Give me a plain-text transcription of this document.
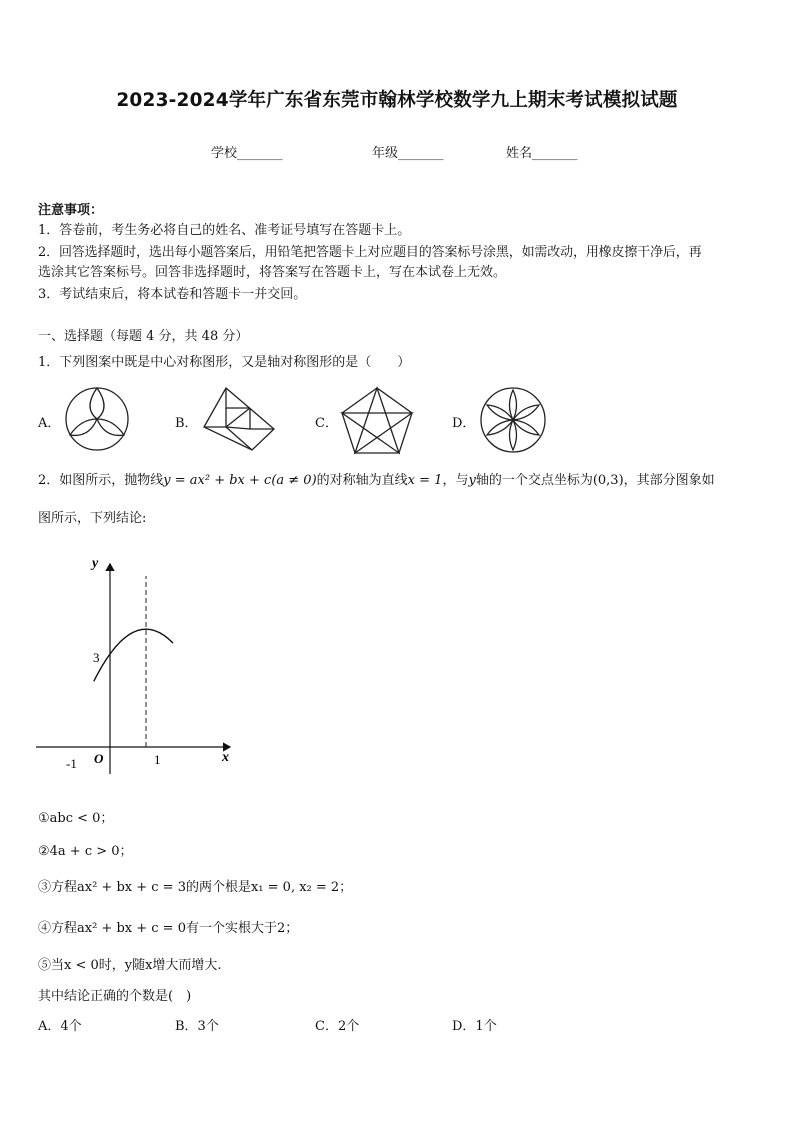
2023-2024学年广东省东莞市翰林学校数学九上期末考试模拟试题
学校_______	年级_______	姓名_______
注意事项：
1．答卷前，考生务必将自己的姓名、准考证号填写在答题卡上。
2．回答选择题时，选出每小题答案后，用铅笔把答题卡上对应题目的答案标号涂黑，如需改动，用橡皮擦干净后，再
选涂其它答案标号。回答非选择题时，将答案写在答题卡上，写在本试卷上无效。
3．考试结束后，将本试卷和答题卡一并交回。
一、选择题（每题 4 分，共 48 分）
1．下列图案中既是中心对称图形，又是轴对称图形的是（　　）
A．	B．	C．	D．
2．如图所示，抛物线y = ax² + bx + c(a ≠ 0)的对称轴为直线x = 1，与y轴的一个交点坐标为(0,3)，其部分图象如
图所示，下列结论:
y
x
O
3
-1	1
①abc < 0；
②4a + c > 0；
③方程ax² + bx + c = 3的两个根是x₁ = 0, x₂ = 2；
④方程ax² + bx + c = 0有一个实根大于2；
⑤当x < 0时，y随x增大而增大.
其中结论正确的个数是(　)
A．4个	B．3个	C．2个	D．1个
